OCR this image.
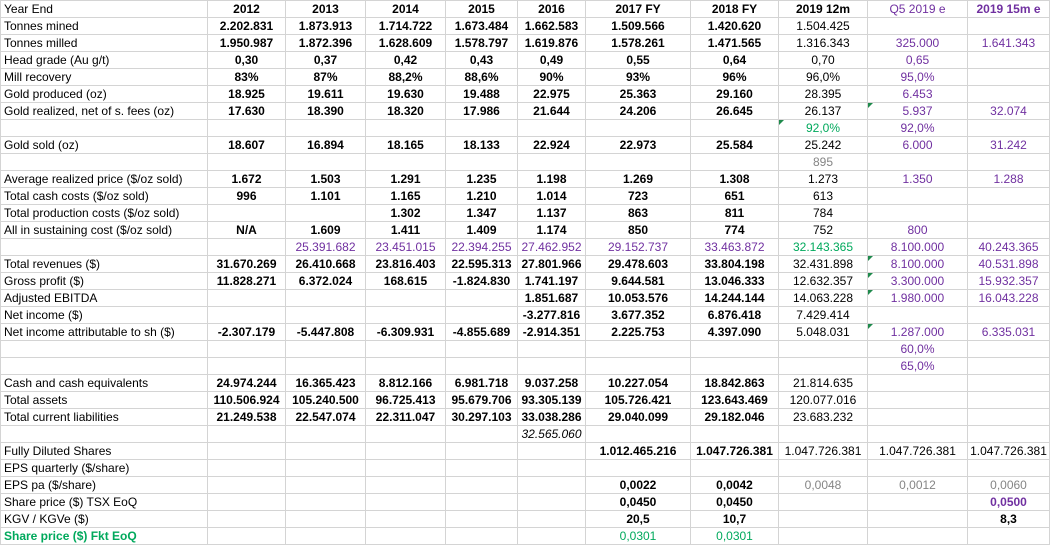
Year End	2012	2013	2014	2015	2016	2017 FY	2018 FY	2019 12m	Q5 2019 e	2019 15m e
Tonnes mined	2.202.831	1.873.913	1.714.722	1.673.484	1.662.583	1.509.566	1.420.620	1.504.425		
Tonnes milled	1.950.987	1.872.396	1.628.609	1.578.797	1.619.876	1.578.261	1.471.565	1.316.343	325.000	1.641.343
Head grade (Au g/t)	0,30	0,37	0,42	0,43	0,49	0,55	0,64	0,70	0,65	
Mill recovery	83%	87%	88,2%	88,6%	90%	93%	96%	96,0%	95,0%	
Gold produced (oz)	18.925	19.611	19.630	19.488	22.975	25.363	29.160	28.395	6.453	
Gold realized, net of s. fees (oz)	17.630	18.390	18.320	17.986	21.644	24.206	26.645	26.137	5.937	32.074
								92,0%	92,0%	
Gold sold (oz)	18.607	16.894	18.165	18.133	22.924	22.973	25.584	25.242	6.000	31.242
								895		
Average realized price ($/oz sold)	1.672	1.503	1.291	1.235	1.198	1.269	1.308	1.273	1.350	1.288
Total cash costs ($/oz sold)	996	1.101	1.165	1.210	1.014	723	651	613		
Total production costs ($/oz sold)			1.302	1.347	1.137	863	811	784		
All in sustaining cost ($/oz sold)	N/A	1.609	1.411	1.409	1.174	850	774	752	800	
		25.391.682	23.451.015	22.394.255	27.462.952	29.152.737	33.463.872	32.143.365	8.100.000	40.243.365
Total revenues ($)	31.670.269	26.410.668	23.816.403	22.595.313	27.801.966	29.478.603	33.804.198	32.431.898	8.100.000	40.531.898
Gross profit ($)	11.828.271	6.372.024	168.615	-1.824.830	1.741.197	9.644.581	13.046.333	12.632.357	3.300.000	15.932.357
Adjusted EBITDA					1.851.687	10.053.576	14.244.144	14.063.228	1.980.000	16.043.228
Net income ($)					-3.277.816	3.677.352	6.876.418	7.429.414		
Net income attributable to sh ($)	-2.307.179	-5.447.808	-6.309.931	-4.855.689	-2.914.351	2.225.753	4.397.090	5.048.031	1.287.000	6.335.031
									60,0%	
									65,0%	
Cash and cash equivalents	24.974.244	16.365.423	8.812.166	6.981.718	9.037.258	10.227.054	18.842.863	21.814.635		
Total assets	110.506.924	105.240.500	96.725.413	95.679.706	93.305.139	105.726.421	123.643.469	120.077.016		
Total current liabilities	21.249.538	22.547.074	22.311.047	30.297.103	33.038.286	29.040.099	29.182.046	23.683.232		
					32.565.060					
Fully Diluted Shares						1.012.465.216	1.047.726.381	1.047.726.381	1.047.726.381	1.047.726.381
EPS quarterly ($/share)										
EPS pa ($/share)						0,0022	0,0042	0,0048	0,0012	0,0060
Share price ($) TSX EoQ						0,0450	0,0450			0,0500
KGV / KGVe ($)						20,5	10,7			8,3
Share price ($) Fkt EoQ						0,0301	0,0301			
